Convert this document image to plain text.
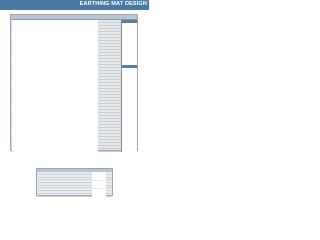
EARTHING MAT DESIGN
